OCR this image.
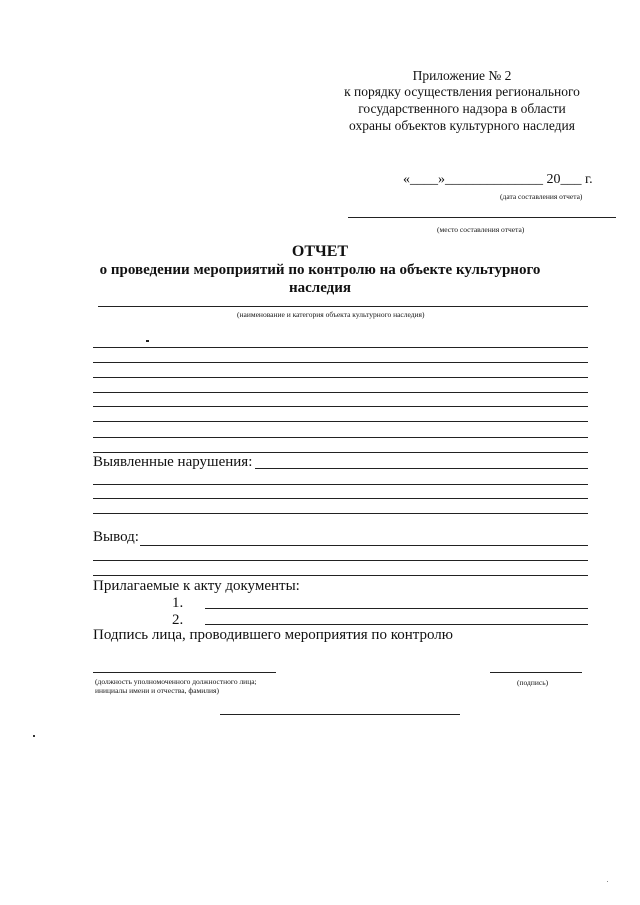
Приложение № 2
к порядку осуществления регионального
государственного надзора в области
охраны объектов культурного наследия
«____»______________ 20___ г.
(дата составления отчета)
(место составления отчета)
ОТЧЕТ
о проведении мероприятий по контролю на объекте культурного
наследия
(наименование и категория объекта культурного наследия)
Выявленные нарушения:
Вывод:
Прилагаемые к акту документы:
1.
2.
Подпись лица, проводившего мероприятия по контролю
(должность уполномоченного должностного лица;	(подпись)
инициалы имени и отчества, фамилия)
